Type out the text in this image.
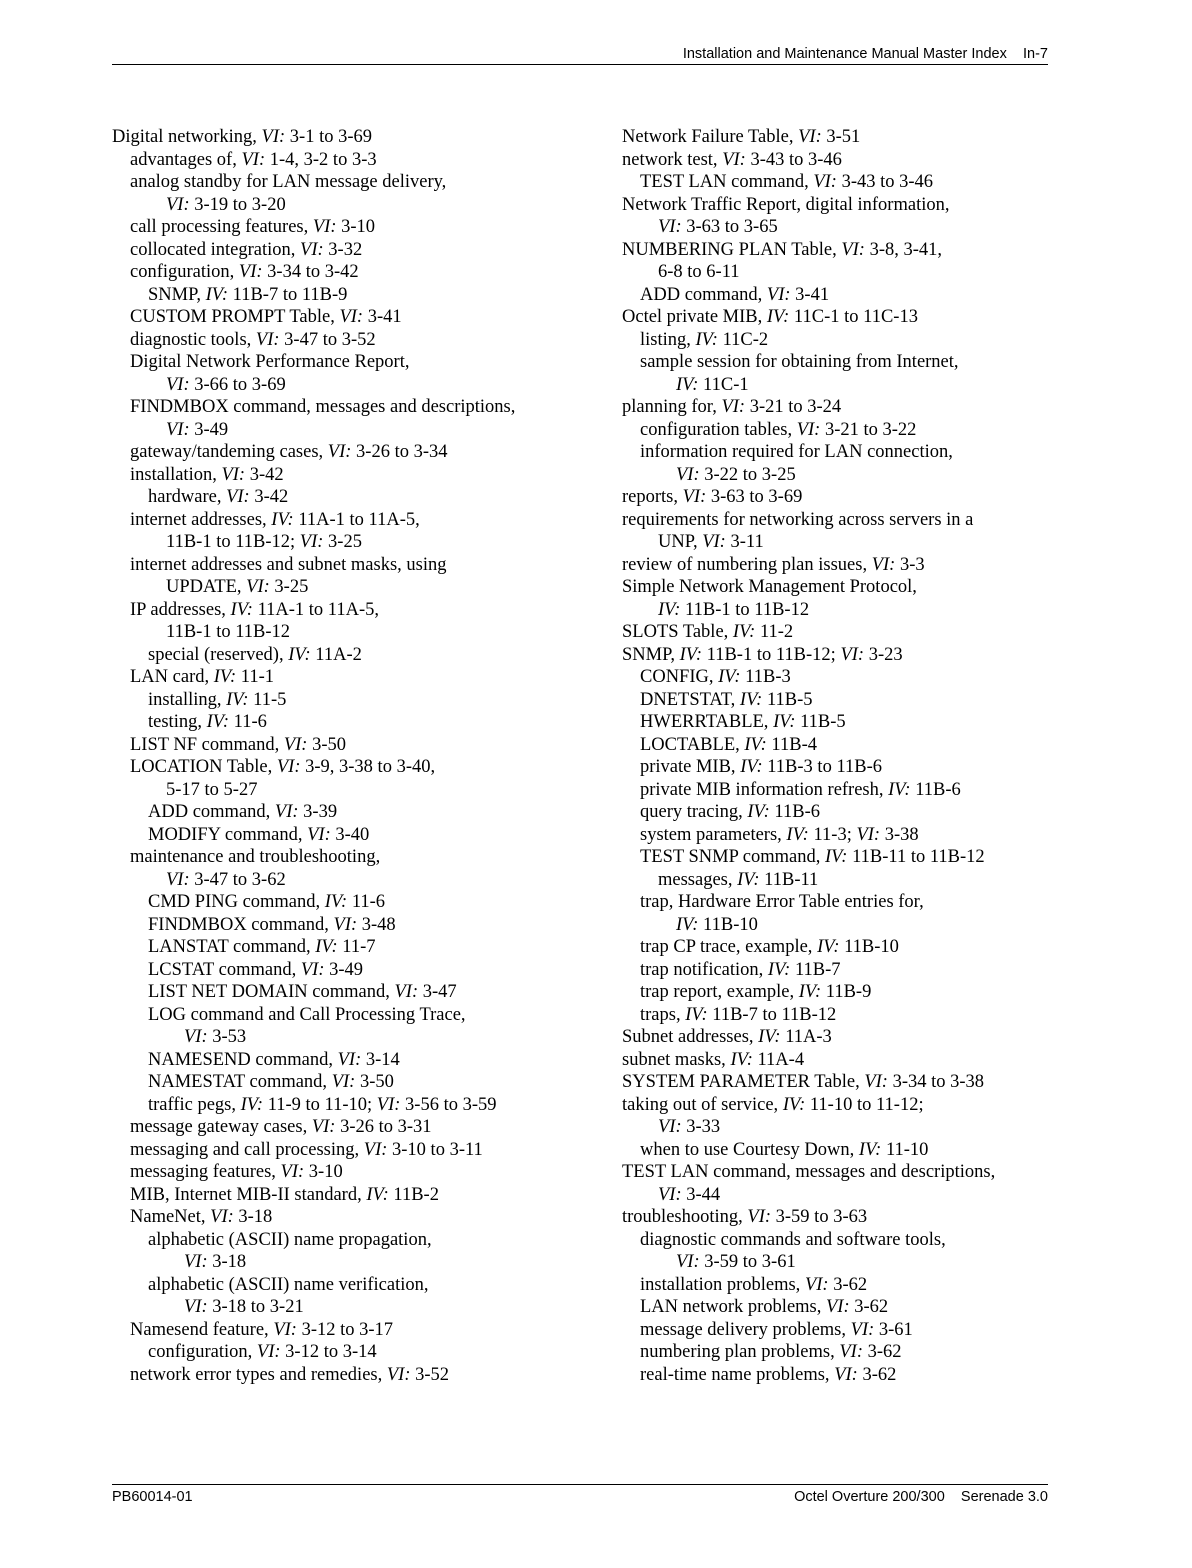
Installation and Maintenance Manual Master Index In-7
Digital networking, VI: 3-1 to 3-69
advantages of, VI: 1-4, 3-2 to 3-3
analog standby for LAN message delivery,
VI: 3-19 to 3-20
call processing features, VI: 3-10
collocated integration, VI: 3-32
configuration, VI: 3-34 to 3-42
SNMP, IV: 11B-7 to 11B-9
CUSTOM PROMPT Table, VI: 3-41
diagnostic tools, VI: 3-47 to 3-52
Digital Network Performance Report,
VI: 3-66 to 3-69
FINDMBOX command, messages and descriptions,
VI: 3-49
gateway/tandeming cases, VI: 3-26 to 3-34
installation, VI: 3-42
hardware, VI: 3-42
internet addresses, IV: 11A-1 to 11A-5,
11B-1 to 11B-12; VI: 3-25
internet addresses and subnet masks, using
UPDATE, VI: 3-25
IP addresses, IV: 11A-1 to 11A-5,
11B-1 to 11B-12
special (reserved), IV: 11A-2
LAN card, IV: 11-1
installing, IV: 11-5
testing, IV: 11-6
LIST NF command, VI: 3-50
LOCATION Table, VI: 3-9, 3-38 to 3-40,
5-17 to 5-27
ADD command, VI: 3-39
MODIFY command, VI: 3-40
maintenance and troubleshooting,
VI: 3-47 to 3-62
CMD PING command, IV: 11-6
FINDMBOX command, VI: 3-48
LANSTAT command, IV: 11-7
LCSTAT command, VI: 3-49
LIST NET DOMAIN command, VI: 3-47
LOG command and Call Processing Trace,
VI: 3-53
NAMESEND command, VI: 3-14
NAMESTAT command, VI: 3-50
traffic pegs, IV: 11-9 to 11-10; VI: 3-56 to 3-59
message gateway cases, VI: 3-26 to 3-31
messaging and call processing, VI: 3-10 to 3-11
messaging features, VI: 3-10
MIB, Internet MIB-II standard, IV: 11B-2
NameNet, VI: 3-18
alphabetic (ASCII) name propagation,
VI: 3-18
alphabetic (ASCII) name verification,
VI: 3-18 to 3-21
Namesend feature, VI: 3-12 to 3-17
configuration, VI: 3-12 to 3-14
network error types and remedies, VI: 3-52
Network Failure Table, VI: 3-51
network test, VI: 3-43 to 3-46
TEST LAN command, VI: 3-43 to 3-46
Network Traffic Report, digital information,
VI: 3-63 to 3-65
NUMBERING PLAN Table, VI: 3-8, 3-41,
6-8 to 6-11
ADD command, VI: 3-41
Octel private MIB, IV: 11C-1 to 11C-13
listing, IV: 11C-2
sample session for obtaining from Internet,
IV: 11C-1
planning for, VI: 3-21 to 3-24
configuration tables, VI: 3-21 to 3-22
information required for LAN connection,
VI: 3-22 to 3-25
reports, VI: 3-63 to 3-69
requirements for networking across servers in a
UNP, VI: 3-11
review of numbering plan issues, VI: 3-3
Simple Network Management Protocol,
IV: 11B-1 to 11B-12
SLOTS Table, IV: 11-2
SNMP, IV: 11B-1 to 11B-12; VI: 3-23
CONFIG, IV: 11B-3
DNETSTAT, IV: 11B-5
HWERRTABLE, IV: 11B-5
LOCTABLE, IV: 11B-4
private MIB, IV: 11B-3 to 11B-6
private MIB information refresh, IV: 11B-6
query tracing, IV: 11B-6
system parameters, IV: 11-3; VI: 3-38
TEST SNMP command, IV: 11B-11 to 11B-12
messages, IV: 11B-11
trap, Hardware Error Table entries for,
IV: 11B-10
trap CP trace, example, IV: 11B-10
trap notification, IV: 11B-7
trap report, example, IV: 11B-9
traps, IV: 11B-7 to 11B-12
Subnet addresses, IV: 11A-3
subnet masks, IV: 11A-4
SYSTEM PARAMETER Table, VI: 3-34 to 3-38
taking out of service, IV: 11-10 to 11-12;
VI: 3-33
when to use Courtesy Down, IV: 11-10
TEST LAN command, messages and descriptions,
VI: 3-44
troubleshooting, VI: 3-59 to 3-63
diagnostic commands and software tools,
VI: 3-59 to 3-61
installation problems, VI: 3-62
LAN network problems, VI: 3-62
message delivery problems, VI: 3-61
numbering plan problems, VI: 3-62
real-time name problems, VI: 3-62
PB60014-01	Octel Overture 200/300 Serenade 3.0
